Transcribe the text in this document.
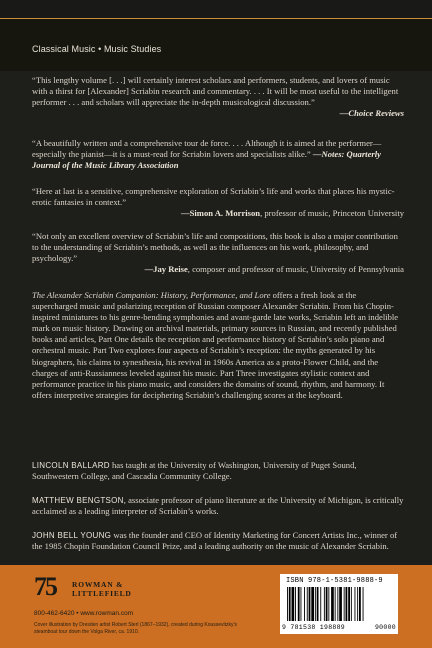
Classical Music • Music Studies

“This lengthy volume [. . .] will certainly interest scholars and performers, students, and lovers of music with a thirst for [Alexander] Scriabin research and commentary. . . . It will be most useful to the intelligent performer . . . and scholars will appreciate the in-depth musicological discussion.”

—Choice Reviews

“A beautifully written and a comprehensive tour de force. . . . Although it is aimed at the performer—especially the pianist—it is a must-read for Scriabin lovers and specialists alike.” —Notes: Quarterly Journal of the Music Library Association

“Here at last is a sensitive, comprehensive exploration of Scriabin’s life and works that places his mystic-erotic fantasies in context.”

—Simon A. Morrison, professor of music, Princeton University

“Not only an excellent overview of Scriabin’s life and compositions, this book is also a major contribution to the understanding of Scriabin’s methods, as well as the influences on his work, philosophy, and psychology.”

—Jay Reise, composer and professor of music, University of Pennsylvania

The Alexander Scriabin Companion: History, Performance, and Lore offers a fresh look at the supercharged music and polarizing reception of Russian composer Alexander Scriabin. From his Chopin-inspired miniatures to his genre-bending symphonies and avant-garde late works, Scriabin left an indelible mark on music history. Drawing on archival materials, primary sources in Russian, and recently published books and articles, Part One details the reception and performance history of Scriabin’s solo piano and orchestral music. Part Two explores four aspects of Scriabin’s reception: the myths generated by his biographers, his claims to synesthesia, his revival in 1960s America as a proto-Flower Child, and the charges of anti-Russianness leveled against his music. Part Three investigates stylistic context and performance practice in his piano music, and considers the domains of sound, rhythm, and harmony. It offers interpretive strategies for deciphering Scriabin’s challenging scores at the keyboard.

LINCOLN BALLARD has taught at the University of Washington, University of Puget Sound, Southwestern College, and Cascadia Community College.

MATTHEW BENGTSON, associate professor of piano literature at the University of Michigan, is critically acclaimed as a leading interpreter of Scriabin’s works.

JOHN BELL YOUNG was the founder and CEO of Identity Marketing for Concert Artists Inc., winner of the 1985 Chopin Foundation Council Prize, and a leading authority on the music of Alexander Scriabin.

75 ROWMAN &
LITTLEFIELD
800-462-6420 • www.rowman.com
Cover illustration by Dresden artist Robert Sterl (1867–1932), created during Koussevitzky’s steamboat tour down the Volga River, ca. 1910.
ISBN 978-1-5381-9888-9
9 781538 198889	90000
